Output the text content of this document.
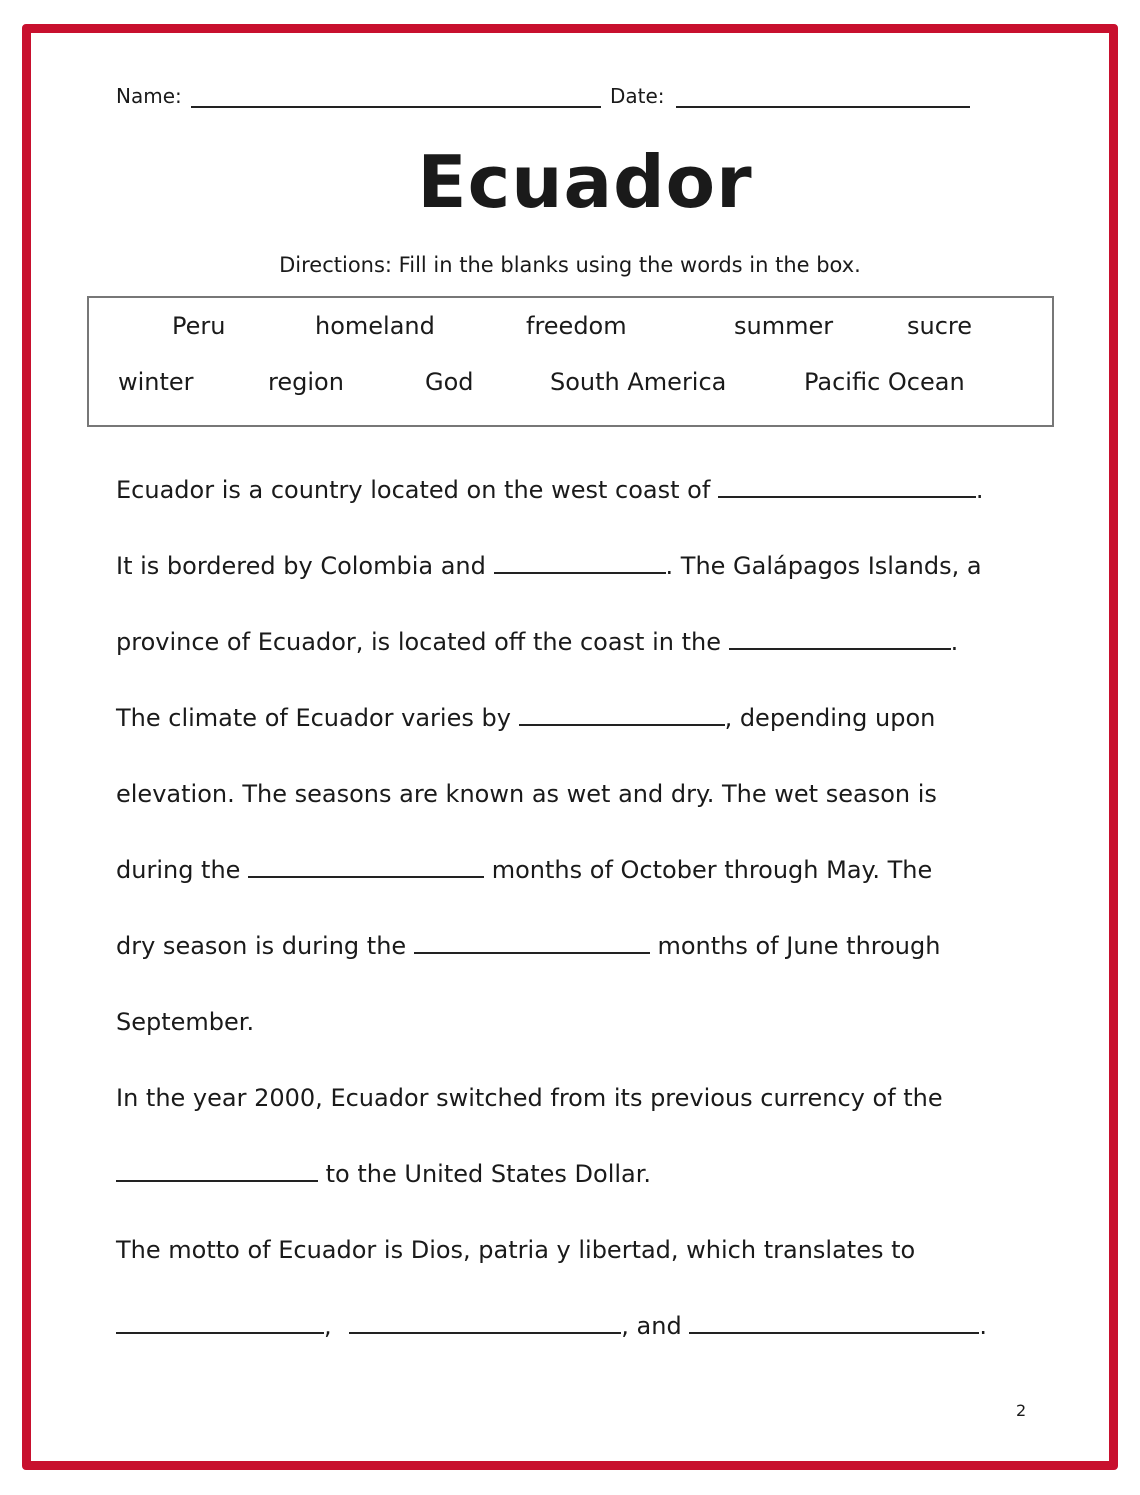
Name:	Date:
Ecuador
Directions: Fill in the blanks using the words in the box.
Peru	homeland	freedom	summer	sucre
winter	region	God	South America	Pacific Ocean
Ecuador is a country located on the west coast of	.
It is bordered by Colombia and	. The Galápagos Islands, a
province of Ecuador, is located off the coast in the	.
The climate of Ecuador varies by	, depending upon
elevation. The seasons are known as wet and dry. The wet season is
during the	months of October through May. The
dry season is during the	months of June through
September.
In the year 2000, Ecuador switched from its previous currency of the
to the United States Dollar.
The motto of Ecuador is Dios, patria y libertad, which translates to
,	, and	.
2
